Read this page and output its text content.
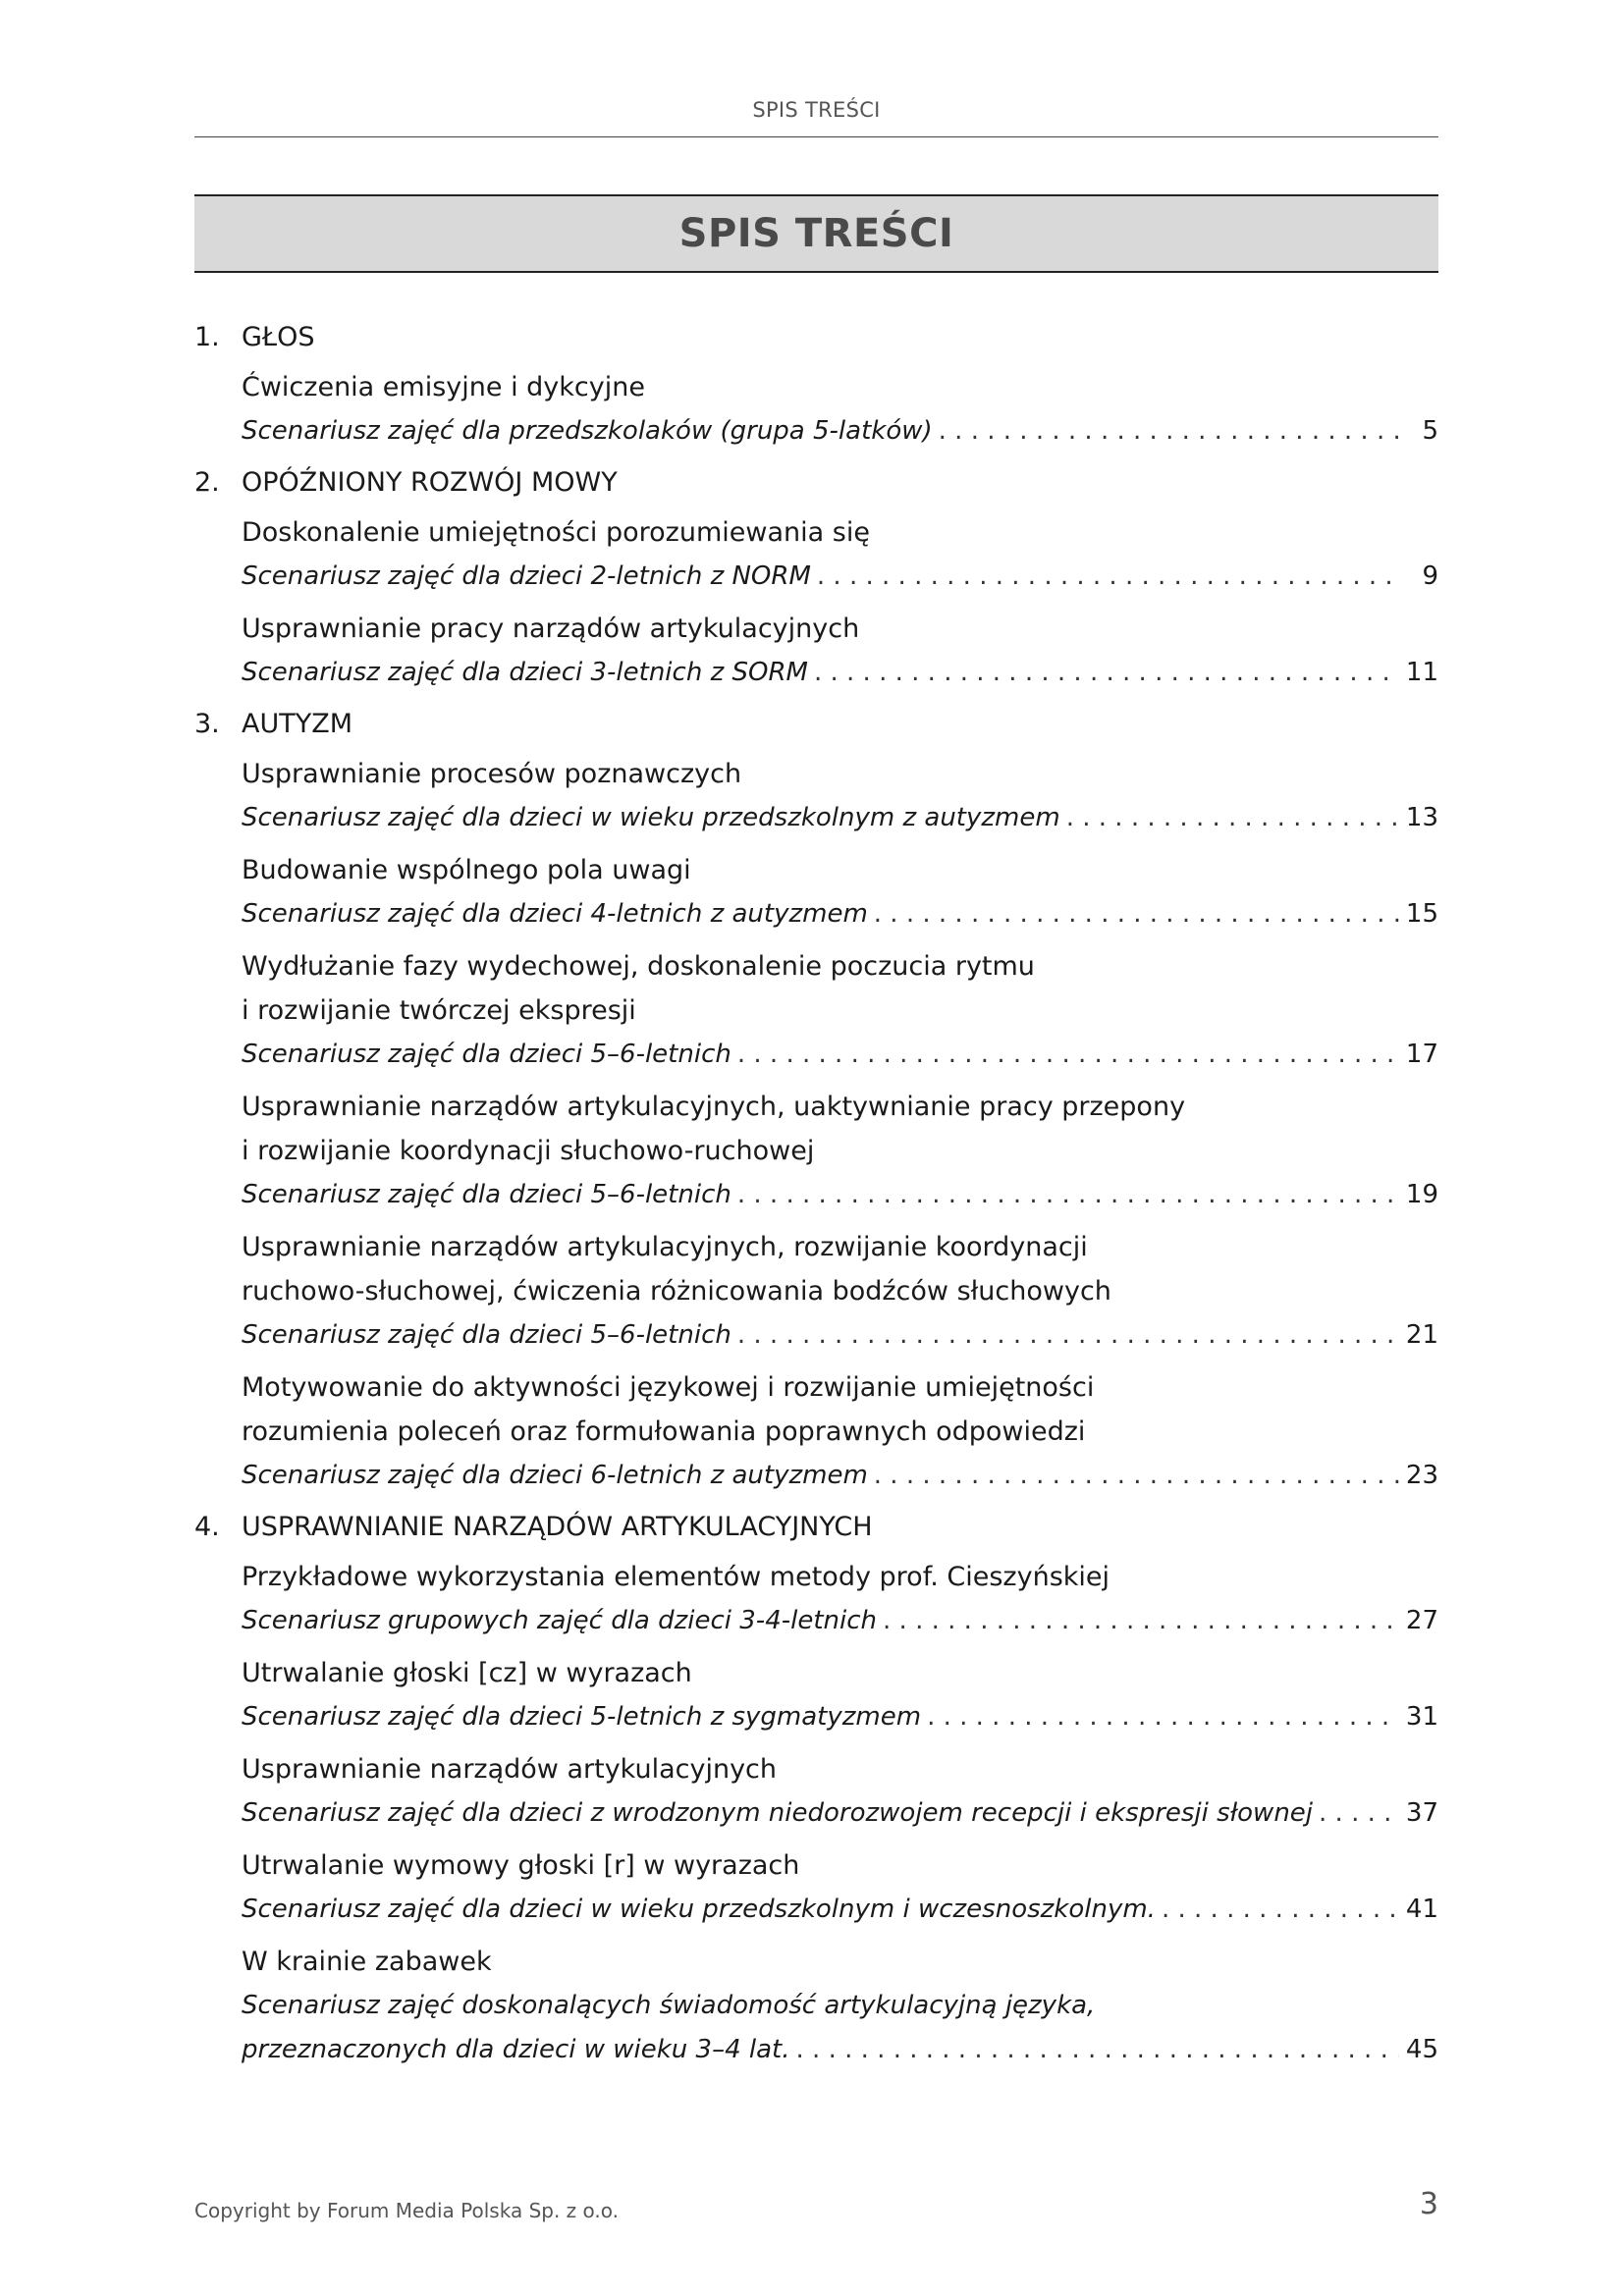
SPIS TREŚCI
SPIS TREŚCI
1. GŁOS
Ćwiczenia emisyjne i dykcyjne
Scenariusz zajęć dla przedszkolaków (grupa 5-latków) . . .	5
2. OPÓŹNIONY ROZWÓJ MOWY
Doskonalenie umiejętności porozumiewania się
Scenariusz zajęć dla dzieci 2-letnich z NORM . . .	9
Usprawnianie pracy narządów artykulacyjnych
Scenariusz zajęć dla dzieci 3-letnich z SORM . . .	11
3. AUTYZM
Usprawnianie procesów poznawczych
Scenariusz zajęć dla dzieci w wieku przedszkolnym z autyzmem . . .	13
Budowanie wspólnego pola uwagi
Scenariusz zajęć dla dzieci 4-letnich z autyzmem . . .	15
Wydłużanie fazy wydechowej, doskonalenie poczucia rytmu
i rozwijanie twórczej ekspresji
Scenariusz zajęć dla dzieci 5–6-letnich . . .	17
Usprawnianie narządów artykulacyjnych, uaktywnianie pracy przepony
i rozwijanie koordynacji słuchowo-ruchowej
Scenariusz zajęć dla dzieci 5–6-letnich . . .	19
Usprawnianie narządów artykulacyjnych, rozwijanie koordynacji
ruchowo-słuchowej, ćwiczenia różnicowania bodźców słuchowych
Scenariusz zajęć dla dzieci 5–6-letnich . . .	21
Motywowanie do aktywności językowej i rozwijanie umiejętności
rozumienia poleceń oraz formułowania poprawnych odpowiedzi
Scenariusz zajęć dla dzieci 6-letnich z autyzmem . . .	23
4. USPRAWNIANIE NARZĄDÓW ARTYKULACYJNYCH
Przykładowe wykorzystania elementów metody prof. Cieszyńskiej
Scenariusz grupowych zajęć dla dzieci 3-4-letnich . . .	27
Utrwalanie głoski [cz] w wyrazach
Scenariusz zajęć dla dzieci 5-letnich z sygmatyzmem . . .	31
Usprawnianie narządów artykulacyjnych
Scenariusz zajęć dla dzieci z wrodzonym niedorozwojem recepcji i ekspresji słownej . . .	37
Utrwalanie wymowy głoski [r] w wyrazach
Scenariusz zajęć dla dzieci w wieku przedszkolnym i wczesnoszkolnym. . . .	41
W krainie zabawek
Scenariusz zajęć doskonalących świadomość artykulacyjną języka,
przeznaczonych dla dzieci w wieku 3–4 lat. . . .	45
Copyright by Forum Media Polska Sp. z o.o.	3
